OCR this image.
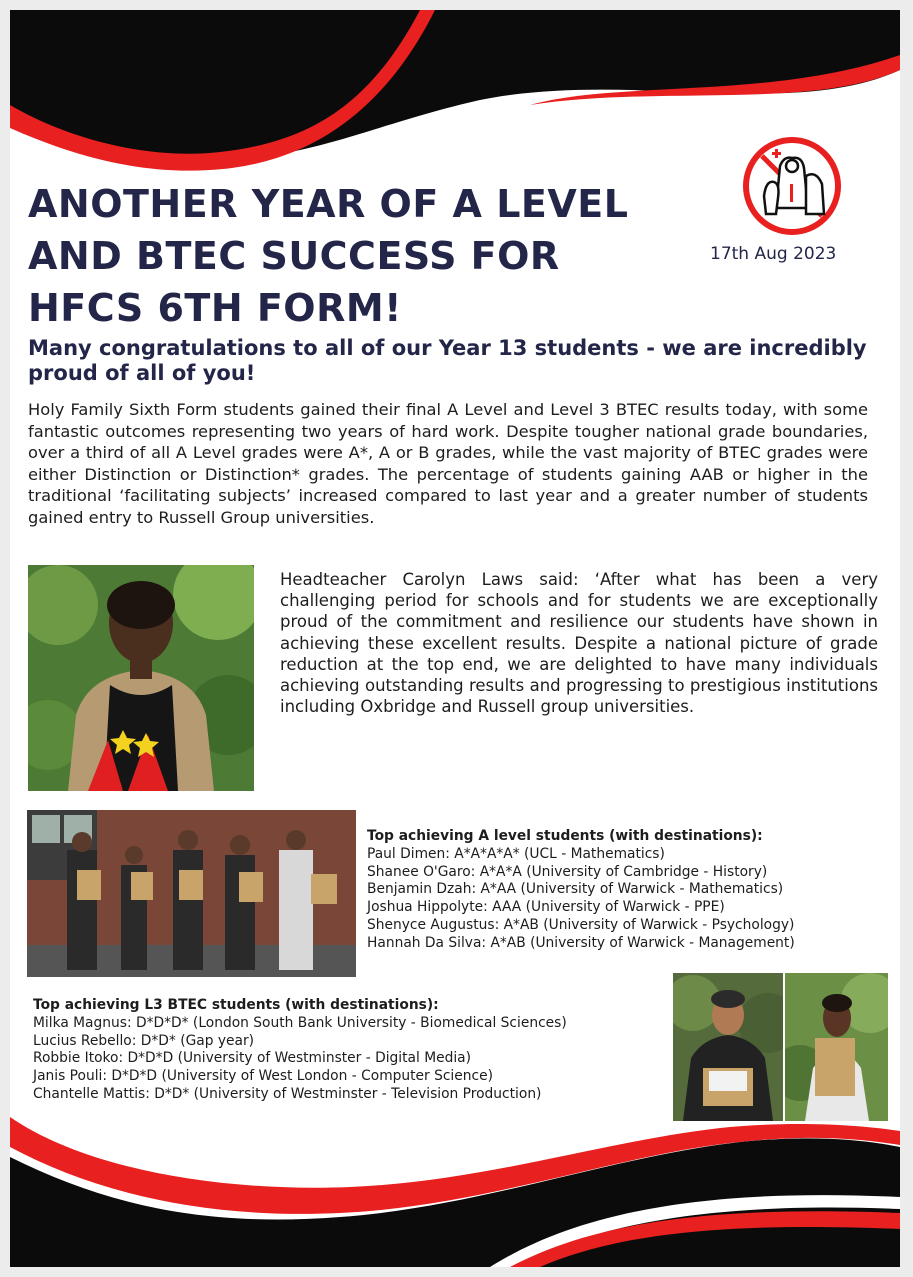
ANOTHER YEAR OF A LEVEL AND BTEC SUCCESS FOR HFCS 6TH FORM!
17th Aug 2023
Many congratulations to all of our Year 13 students - we are incredibly proud of all of you!

Holy Family Sixth Form students gained their final A Level and Level 3 BTEC results today, with some fantastic outcomes representing two years of hard work. Despite tougher national grade boundaries, over a third of all A Level grades were A*, A or B grades, while the vast majority of BTEC grades were either Distinction or Distinction* grades. The percentage of students gaining AAB or higher in the traditional ‘facilitating subjects’ increased compared to last year and a greater number of students gained entry to Russell Group universities.

Headteacher Carolyn Laws said: ‘After what has been a very challenging period for schools and for students we are exceptionally proud of the commitment and resilience our students have shown in achieving these excellent results. Despite a national picture of grade reduction at the top end, we are delighted to have many individuals achieving outstanding results and progressing to prestigious institutions including Oxbridge and Russell group universities.

Top achieving A level students (with destinations):
Paul Dimen: A*A*A*A* (UCL - Mathematics)
Shanee O'Garo: A*A*A (University of Cambridge - History)
Benjamin Dzah: A*AA (University of Warwick - Mathematics)
Joshua Hippolyte: AAA (University of Warwick - PPE)
Shenyce Augustus: A*AB (University of Warwick - Psychology)
Hannah Da Silva: A*AB (University of Warwick - Management)
Top achieving L3 BTEC students (with destinations):
Milka Magnus: D*D*D* (London South Bank University - Biomedical Sciences)
Lucius Rebello: D*D* (Gap year)
Robbie Itoko: D*D*D (University of Westminster - Digital Media)
Janis Pouli: D*D*D (University of West London - Computer Science)
Chantelle Mattis: D*D* (University of Westminster - Television Production)
